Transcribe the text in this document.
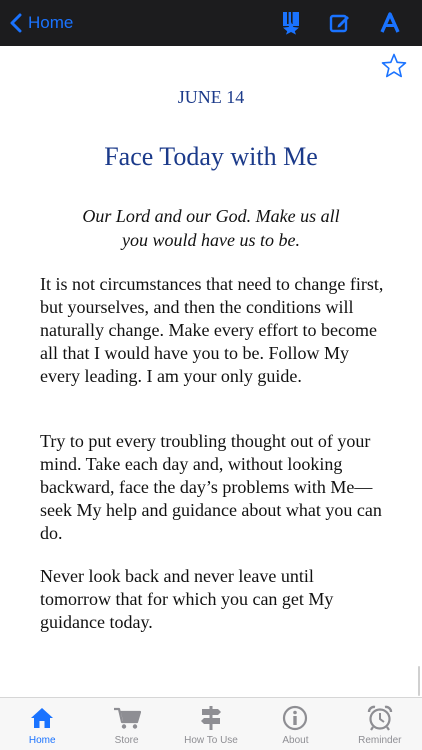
Home
JUNE 14
Face Today with Me
Our Lord and our God. Make us all
you would have us to be.

It is not circumstances that need to change first, but yourselves, and then the conditions will naturally change. Make every effort to become all that I would have you to be. Follow My every leading. I am your only guide.

Try to put every troubling thought out of your mind. Take each day and, without looking backward, face the day’s problems with Me—seek My help and guidance about what you can do.

Never look back and never leave until tomorrow that for which you can get My guidance today.

Home	Store	How To Use	About	Reminder
